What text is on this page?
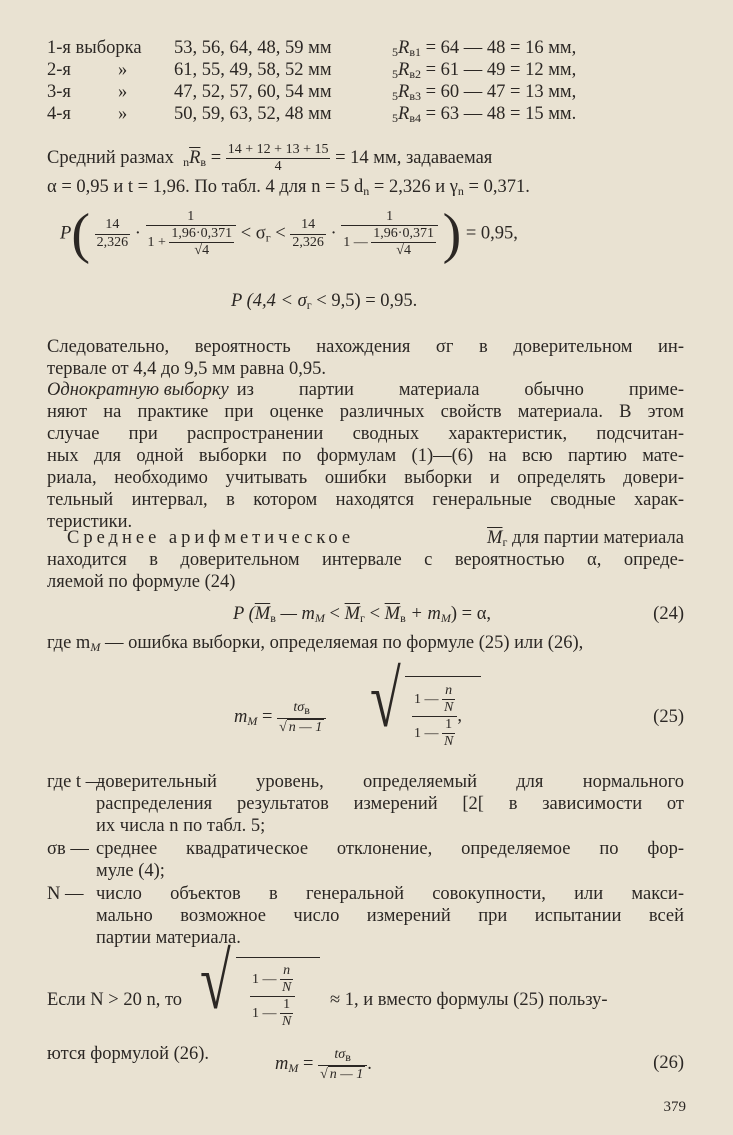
1-я выборка 53, 56, 64, 48, 59 мм	$_5R_{в1} = 64$ — 48 = 16 мм,
2-я	»	61, 55, 49, 58, 52 мм	$_5R_{в2} = 61$ — 49 = 12 мм,
3-я	»	47, 52, 57, 60, 54 мм	$_5R_{в3} = 60$ — 47 = 13 мм,
4-я	»	50, 59, 63, 52, 48 мм	$_5R_{в4} = 63$ — 48 = 15 мм.
Средний размах $_n\overline{R}_в = \frac{14 + 12 + 13 + 15}{4} = 14$ мм, задаваемая
α = 0,95 и t = 1,96. По табл. 4 для n = 5 $d_n = 2,326$ и $\gamma_n = 0,371$.
$P( \frac{14}{2,326} \cdot \frac{1}{1 + \frac{1,96\cdot 0,371}{√4}} < \sigma_г < \frac{14}{2,326} \cdot \frac{1}{1 — \frac{1,96\cdot 0,371}{√4}}$ ) = 0,95,
P $(4,4 < \sigma_г < 9,5) = 0,95$.
Следовательно, вероятность нахождения σг в доверительном ин-
тервале от 4,4 до 9,5 мм равна 0,95.
Однократную выборку из партии материала обычно приме-
няют на практике при оценке различных свойств материала. В этом
случае при распространении сводных характеристик, подсчитан-
ных для одной выборки по формулам (1)—(6) на всю партию мате-
риала, необходимо учитывать ошибки выборки и определять довери-
тельный интервал, в котором находятся генеральные сводные харак-
теристики.
Среднее арифметическое	$\overline{M}_г$ для партии материала
находится в доверительном интервале с вероятностью α, опреде-
ляемой по формуле (24)
P ($\overline{M}_в$ — $m_M < \overline{M}_г < \overline{M}_в + m_M) = \alpha$,	(24)
где $m_M$ — ошибка выборки, определяемая по формуле (25) или (26),
$m_M = \frac{\text{tσв}}{√ n — 1}$ √ $\frac{1 — \frac{n}{N}}{1 — \frac{1}{N}}$ ,	(25)
где t —
доверительный уровень, определяемый для нормального
распределения результатов измерений [2[ в зависимости от
их числа n по табл. 5;
σв — среднее квадратическое отклонение, определяемое по фор-
муле (4);
N — число объектов в генеральной совокупности, или макси-
мально возможное число измерений при испытании всей
партии материала.
Если N > 20 n, то √ $\frac{1 — \frac{n}{N}}{1 — \frac{1}{N}} \approx 1$, и вместо формулы (25) пользу-
ются формулой (26).
$m_M = \frac{\text{tσв}}{√ n — 1}$ .	(26)
379
